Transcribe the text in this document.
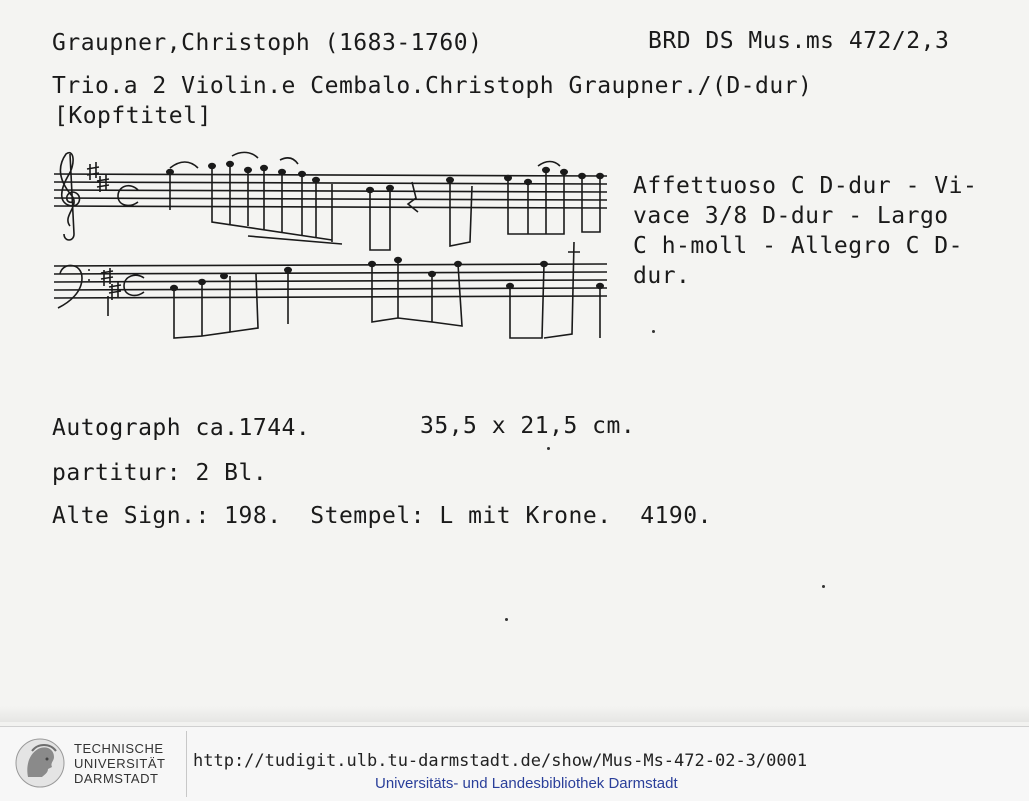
Graupner,Christoph (1683-1760)	BRD DS Mus.ms 472/2,3
Trio.a 2 Violin.e Cembalo.Christoph Graupner./(D-dur)
[Kopftitel]
Affettuoso C D-dur - Vi-
vace 3/8 D-dur - Largo
C h-moll - Allegro C D-
dur.
Autograph ca.1744.	35,5 x 21,5 cm.
partitur: 2 Bl.
Alte Sign.: 198.  Stempel: L mit Krone.  4190.
TECHNISCHE
UNIVERSITÄT
DARMSTADT
http://tudigit.ulb.tu-darmstadt.de/show/Mus-Ms-472-02-3/0001
Universitäts- und Landesbibliothek Darmstadt
